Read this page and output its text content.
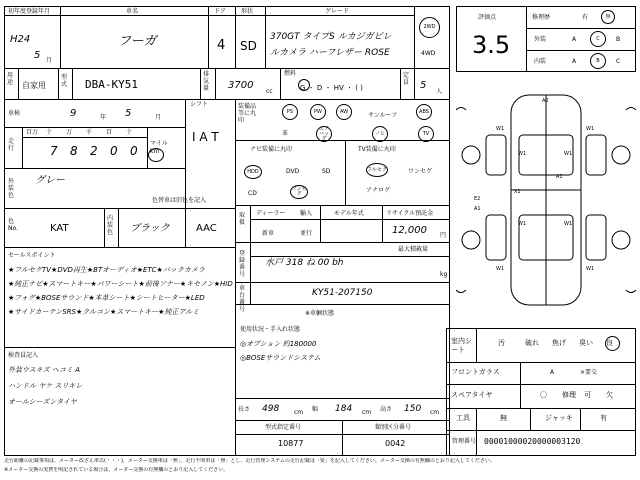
初年度登録年月
H24
5 月
車名
フーガ
ドア
4
形状
SD
グレード
370GT タイプS ルカジガビレ
ルカメラ ハーフレザー ROSE
2WD
4WD
用途 自家用
型式 DBA-KY51
排気量 3700
cc
燃料
G ・ D ・ HV ・ ( )
定員 5
人
車検	9	年 5	月
走行
百万 十 万 千 百 十
7 8 2 0 0 km
マイル
シフト
I A T
外装色
グレー
色替車は旧色を記入
色No.	KAT
内装色 ブラック	AAC
セールスポイント
★フルセグTV★DVD再生★BTオーディオ★ETC★バックカメラ
★純正ナビ★スマートキー★パワーシート★前後ソナー★キセノン★HID
★フォグ★BOSEサウンド★本革シート★シートヒーター★LED
★サイドカーテンSRS★クルコン★スマートキー★純正アルミ
検査員記入
外装ウスキズ ヘコミ A
ハンドル ヤケ スリキレ
オールシーズンタイヤ
装備品等に丸印
PS	PW	AW
サンルーフ
ABS
革
エアバッグ
ノヒ	TV
ナビ装備に丸印
HDD	DVD	SD
CD
ワンセグ
TV装備に丸印
フルセグ	ワンセグ
アナログ
取扱
ディーラー 輸入
新車	並行
モデル年式	リサイクル預託金
12,000 円
登録番号
最大積載量
水戸 318 ね 00 bh
kg
車台番号
KY51-207150
※車輌状態
使用状況・手入れ状態
◎オプション 約180000
◎BOSEサウンドシステム
長さ 498 cm 幅 184 cm 高さ 150 cm
型式指定番号	類別区分番号
10877	0042
評価点
3.5
修理歴	有	無
外装	A	C	B
内装	A	B	C
A2
W1	W1
W1	W1
A1
X1
E2
A1
W1	W1
W1	W1
室内シート
汚	破れ 焦げ 臭い 良
フロントガラス	A	×要交
スペアタイヤ	〇 修理 可 欠
工具	無	ジャッキ	有
管理番号 00001000020000003120
走行距離の記載事項は、メーター改ざん車以(・・・)、メーター交換車は「無」、走行不明車は「無」とし、走行管理システムの走行記載は「要」を記入してください。メーター交換の有無欄のとおり記入してください。
※メーター交換の実費を明記されている場合は、メーター交換の有無欄のとおり記入してください。
